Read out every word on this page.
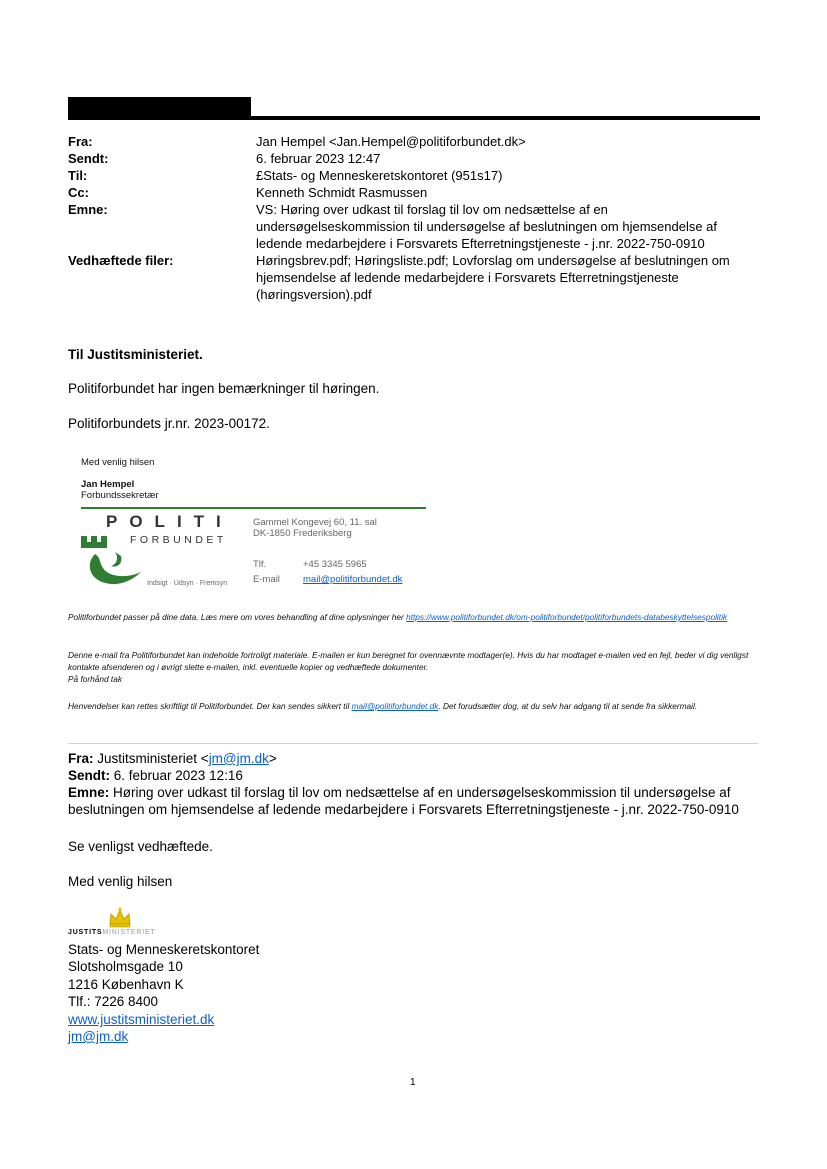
Fra:	Jan Hempel <Jan.Hempel@politiforbundet.dk>
Sendt:	6. februar 2023 12:47
Til:	£Stats- og Menneskeretskontoret (951s17)
Cc:	Kenneth Schmidt Rasmussen
Emne:	VS: Høring over udkast til forslag til lov om nedsættelse af en undersøgelseskommission til undersøgelse af beslutningen om hjemsendelse af ledende medarbejdere i Forsvarets Efterretningstjeneste - j.nr. 2022-750-0910
Vedhæftede filer:	Høringsbrev.pdf; Høringsliste.pdf; Lovforslag om undersøgelse af beslutningen om hjemsendelse af ledende medarbejdere i Forsvarets Efterretningstjeneste (høringsversion).pdf
Til Justitsministeriet.
Politiforbundet har ingen bemærkninger til høringen.
Politiforbundets jr.nr. 2023-00172.
Med venlig hilsen
Jan Hempel
Forbundssekretær
POLITI
FORBUNDET
Indsigt · Udsyn · Fremsyn
Gammel Kongevej 60, 11. sal
DK-1850 Frederiksberg
Tlf.	+45 3345 5965
E-mail mail@politiforbundet.dk
Politiforbundet passer på dine data. Læs mere om vores behandling af dine oplysninger her https://www.politiforbundet.dk/om-politiforbundet/politiforbundets-databeskyttelsespolitik
Denne e-mail fra Politiforbundet kan indeholde fortroligt materiale. E-mailen er kun beregnet for ovennævnte modtager(e). Hvis du har modtaget e-mailen ved en fejl, beder vi dig venligst kontakte afsenderen og i øvrigt slette e-mailen, inkl. eventuelle kopier og vedhæftede dokumenter.
På forhånd tak
Henvendelser kan rettes skriftligt til Politiforbundet. Der kan sendes sikkert til mail@politiforbundet.dk. Det forudsætter dog, at du selv har adgang til at sende fra sikkermail.
Fra: Justitsministeriet <jm@jm.dk>
Sendt: 6. februar 2023 12:16
Emne: Høring over udkast til forslag til lov om nedsættelse af en undersøgelseskommission til undersøgelse af beslutningen om hjemsendelse af ledende medarbejdere i Forsvarets Efterretningstjeneste - j.nr. 2022-750-0910
Se venligst vedhæftede.
Med venlig hilsen
JUSTITSMINISTERIET
Stats- og Menneskeretskontoret
Slotsholmsgade 10
1216 København K
Tlf.: 7226 8400
www.justitsministeriet.dk
jm@jm.dk
1
